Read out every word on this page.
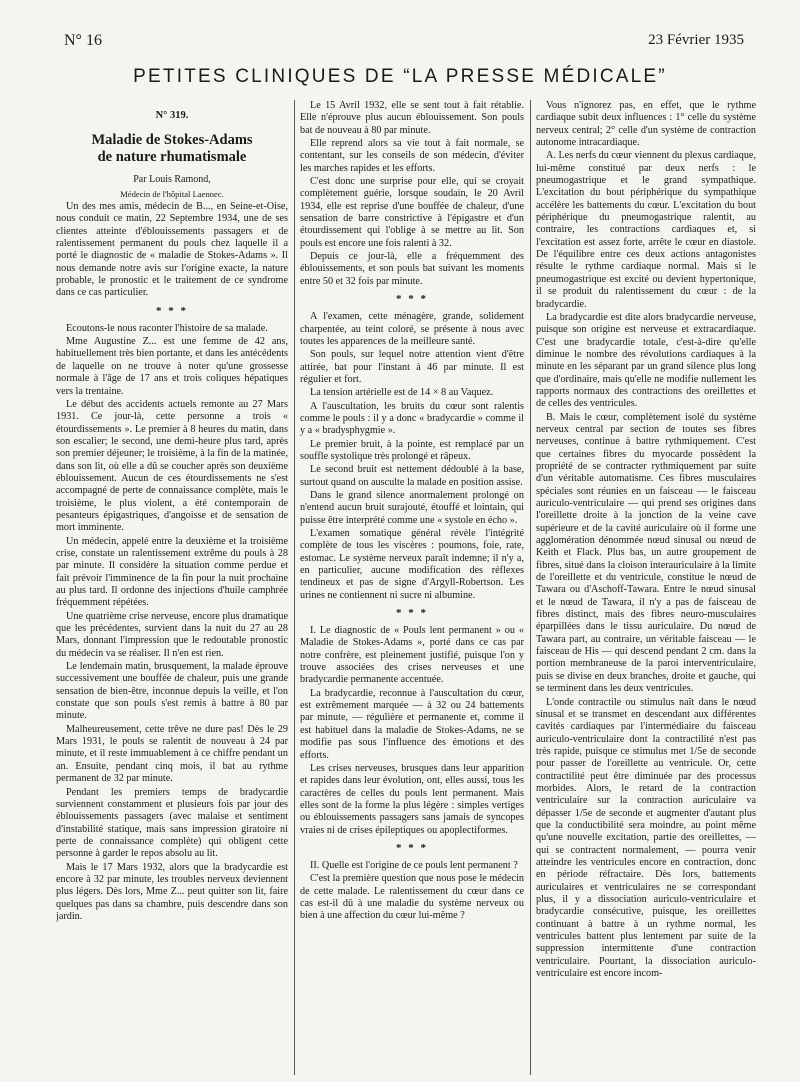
N° 16	23 Février 1935
PETITES CLINIQUES DE “LA PRESSE MÉDICALE”
N° 319.
Maladie de Stokes-Adams
de nature rhumatismale

Par Louis Ramond,

Médecin de l'hôpital Laennec.

Un des mes amis, médecin de B..., en Seine-et-Oise, nous conduit ce matin, 22 Septembre 1934, une de ses clientes atteinte d'éblouissements passagers et de ralentissement permanent du pouls chez laquelle il a porté le diagnostic de « maladie de Stokes-Adams ». Il nous demande notre avis sur l'origine exacte, la nature probable, le pronostic et le traitement de ce syndrome dans ce cas particulier.

* * *

Ecoutons-le nous raconter l'histoire de sa malade.

Mme Augustine Z... est une femme de 42 ans, habituellement très bien portante, et dans les antécédents de laquelle on ne trouve à noter qu'une grossesse normale à l'âge de 17 ans et trois coliques hépatiques vers la trentaine.

Le début des accidents actuels remonte au 27 Mars 1931. Ce jour-là, cette personne a trois « étourdissements ». Le premier à 8 heures du matin, dans son escalier; le second, une demi-heure plus tard, après son premier déjeuner; le troisième, à la fin de la matinée, dans son lit, où elle a dû se coucher après son deuxième éblouissement. Aucun de ces étourdissements ne s'est accompagné de perte de connaissance complète, mais le troisième, le plus violent, a été contemporain de pesanteurs épigastriques, d'angoisse et de sensation de mort imminente.

Un médecin, appelé entre la deuxième et la troisième crise, constate un ralentissement extrême du pouls à 28 par minute. Il considère la situation comme perdue et fait prévoir l'imminence de la fin pour la nuit prochaine au plus tard. Il ordonne des injections d'huile camphrée fréquemment répétées.

Une quatrième crise nerveuse, encore plus dramatique que les précédentes, survient dans la nuit du 27 au 28 Mars, donnant l'impression que le redoutable pronostic du médecin va se réaliser. Il n'en est rien.

Le lendemain matin, brusquement, la malade éprouve successivement une bouffée de chaleur, puis une grande sensation de bien-être, inconnue depuis la veille, et l'on constate que son pouls s'est remis à battre à 80 par minute.

Malheureusement, cette trêve ne dure pas! Dès le 29 Mars 1931, le pouls se ralentit de nouveau à 24 par minute, et il reste immuablement à ce chiffre pendant un an. Ensuite, pendant cinq mois, il bat au rythme permanent de 32 par minute.

Pendant les premiers temps de bradycardie surviennent constamment et plusieurs fois par jour des éblouissements passagers (avec malaise et sentiment d'instabilité statique, mais sans impression giratoire ni perte de connaissance complète) qui obligent cette personne à garder le repos absolu au lit.

Mais le 17 Mars 1932, alors que la bradycardie est encore à 32 par minute, les troubles nerveux deviennent plus légers. Dès lors, Mme Z... peut quitter son lit, faire quelques pas dans sa chambre, puis descendre dans son jardin.

Le 15 Avril 1932, elle se sent tout à fait rétablie. Elle n'éprouve plus aucun éblouissement. Son pouls bat de nouveau à 80 par minute.

Elle reprend alors sa vie tout à fait normale, se contentant, sur les conseils de son médecin, d'éviter les marches rapides et les efforts.

C'est donc une surprise pour elle, qui se croyait complètement guérie, lorsque soudain, le 20 Avril 1934, elle est reprise d'une bouffée de chaleur, d'une sensation de barre constrictive à l'épigastre et d'un étourdissement qui l'oblige à se mettre au lit. Son pouls est encore une fois ralenti à 32.

Depuis ce jour-là, elle a fréquemment des éblouissements, et son pouls bat suivant les moments entre 50 et 32 fois par minute.

* * *

A l'examen, cette ménagère, grande, solidement charpentée, au teint coloré, se présente à nous avec toutes les apparences de la meilleure santé.

Son pouls, sur lequel notre attention vient d'être attirée, bat pour l'instant à 46 par minute. Il est régulier et fort.

La tension artérielle est de 14 × 8 au Vaquez.

A l'auscultation, les bruits du cœur sont ralentis comme le pouls : il y a donc « bradycardie » comme il y a « bradysphygmie ».

Le premier bruit, à la pointe, est remplacé par un souffle systolique très prolongé et râpeux.

Le second bruit est nettement dédoublé à la base, surtout quand on ausculte la malade en position assise.

Dans le grand silence anormalement prolongé on n'entend aucun bruit surajouté, étouffé et lointain, qui puisse être interprété comme une « systole en écho ».

L'examen somatique général révèle l'intégrité complète de tous les viscères : poumons, foie, rate, estomac. Le système nerveux paraît indemne; il n'y a, en particulier, aucune modification des réflexes tendineux et pas de signe d'Argyll-Robertson. Les urines ne contiennent ni sucre ni albumine.

* * *

I. Le diagnostic de « Pouls lent permanent » ou « Maladie de Stokes-Adams », porté dans ce cas par notre confrère, est pleinement justifié, puisque l'on y trouve associées des crises nerveuses et une bradycardie permanente accentuée.

La bradycardie, reconnue à l'auscultation du cœur, est extrêmement marquée — à 32 ou 24 battements par minute, — régulière et permanente et, comme il est habituel dans la maladie de Stokes-Adams, ne se modifie pas sous l'influence des émotions et des efforts.

Les crises nerveuses, brusques dans leur apparition et rapides dans leur évolution, ont, elles aussi, tous les caractères de celles du pouls lent permanent. Mais elles sont de la forme la plus légère : simples vertiges ou éblouissements passagers sans jamais de syncopes vraies ni de crises épileptiques ou apoplectiformes.

* * *

II. Quelle est l'origine de ce pouls lent permanent ?

C'est la première question que nous pose le médecin de cette malade. Le ralentissement du cœur dans ce cas est-il dû à une maladie du système nerveux ou bien à une affection du cœur lui-même ?

Vous n'ignorez pas, en effet, que le rythme cardiaque subit deux influences : 1° celle du système nerveux central; 2° celle d'un système de contraction autonome intracardiaque.

A. Les nerfs du cœur viennent du plexus cardiaque, lui-même constitué par deux nerfs : le pneumogastrique et le grand sympathique. L'excitation du bout périphérique du sympathique accélère les battements du cœur. L'excitation du bout périphérique du pneumogastrique ralentit, au contraire, les contractions cardiaques et, si l'excitation est assez forte, arrête le cœur en diastole. De l'équilibre entre ces deux actions antagonistes résulte le rythme cardiaque normal. Mais si le pneumogastrique est excité ou devient hypertonique, il se produit du ralentissement du cœur : de la bradycardie.

La bradycardie est dite alors bradycardie nerveuse, puisque son origine est nerveuse et extracardiaque. C'est une bradycardie totale, c'est-à-dire qu'elle diminue le nombre des révolutions cardiaques à la minute en les séparant par un grand silence plus long que d'ordinaire, mais qu'elle ne modifie nullement les rapports normaux des contractions des oreillettes et de celles des ventricules.

B. Mais le cœur, complètement isolé du système nerveux central par section de toutes ses fibres nerveuses, continue à battre rythmiquement. C'est que certaines fibres du myocarde possèdent la propriété de se contracter rythmiquement par suite d'un véritable automatisme. Ces fibres musculaires spéciales sont réunies en un faisceau — le faisceau auriculo-ventriculaire — qui prend ses origines dans l'oreillette droite à la jonction de la veine cave supérieure et de la cavité auriculaire où il forme une agglomération dénommée nœud sinusal ou nœud de Keith et Flack. Plus bas, un autre groupement de fibres, situé dans la cloison interauriculaire à la limite de l'oreillette et du ventricule, constitue le nœud de Tawara ou d'Aschoff-Tawara. Entre le nœud sinusal et le nœud de Tawara, il n'y a pas de faisceau de fibres distinct, mais des fibres neuro-musculaires éparpillées dans le tissu auriculaire. Du nœud de Tawara part, au contraire, un véritable faisceau — le faisceau de His — qui descend pendant 2 cm. dans la portion membraneuse de la paroi interventriculaire, puis se divise en deux branches, droite et gauche, qui se terminent dans les deux ventricules.

L'onde contractile ou stimulus naît dans le nœud sinusal et se transmet en descendant aux différentes cavités cardiaques par l'intermédiaire du faisceau auriculo-ventriculaire dont la contractilité n'est pas très rapide, puisque ce stimulus met 1/5e de seconde pour passer de l'oreillette au ventricule. Or, cette contractilité peut être diminuée par des processus morbides. Alors, le retard de la contraction ventriculaire sur la contraction auriculaire va dépasser 1/5e de seconde et augmenter d'autant plus que la conductibilité sera moindre, au point même qu'une nouvelle excitation, partie des oreillettes, — qui se contractent normalement, — pourra venir atteindre les ventricules encore en contraction, donc en période réfractaire. Dès lors, battements auriculaires et ventriculaires ne se correspondant plus, il y a dissociation auriculo-ventriculaire et bradycardie consécutive, puisque, les oreillettes continuant à battre à un rythme normal, les ventricules battent plus lentement par suite de la suppression intermittente d'une contraction ventriculaire. Pourtant, la dissociation auriculo-ventriculaire est encore incom-
